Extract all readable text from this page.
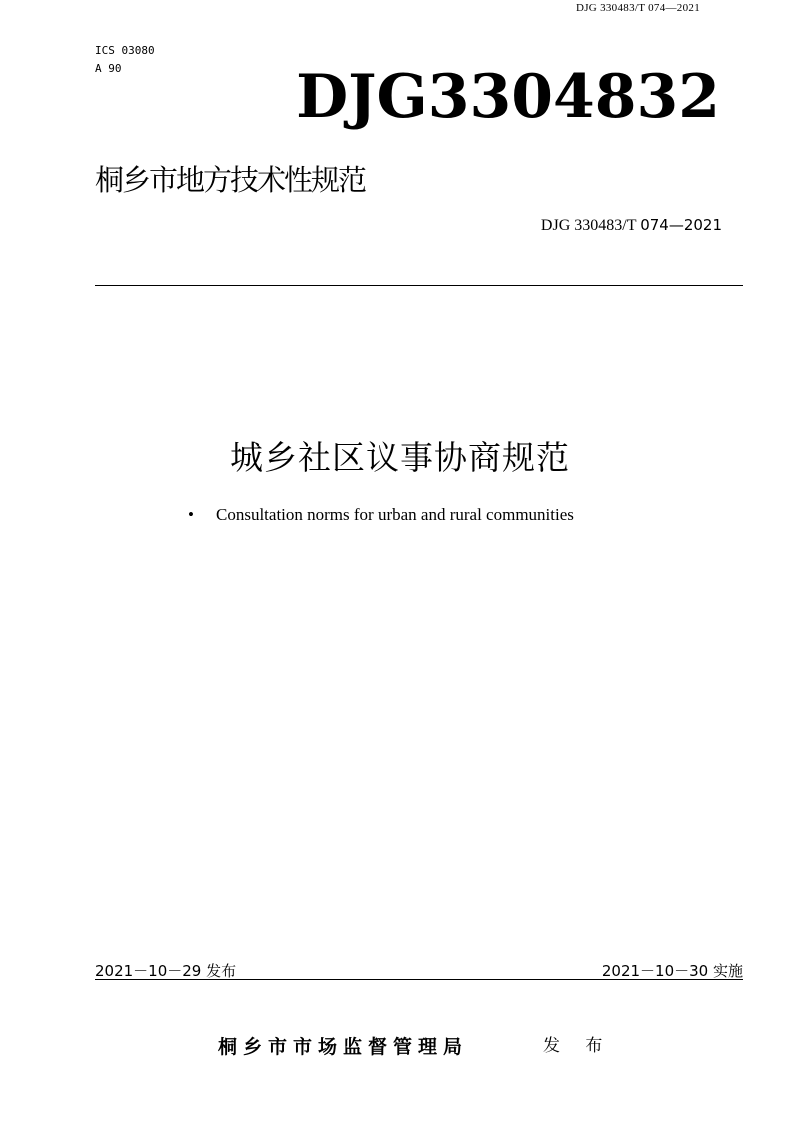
DJG 330483/T 074—2021
ICS 03080
A 90	DJG3304832
桐乡市地方技术性规范
DJG 330483/T 074—2021
城乡社区议事协商规范
• Consultation norms for urban and rural communities
2021－10－29 发布	2021－10－30 实施
桐乡市市场监督管理局	发 布
